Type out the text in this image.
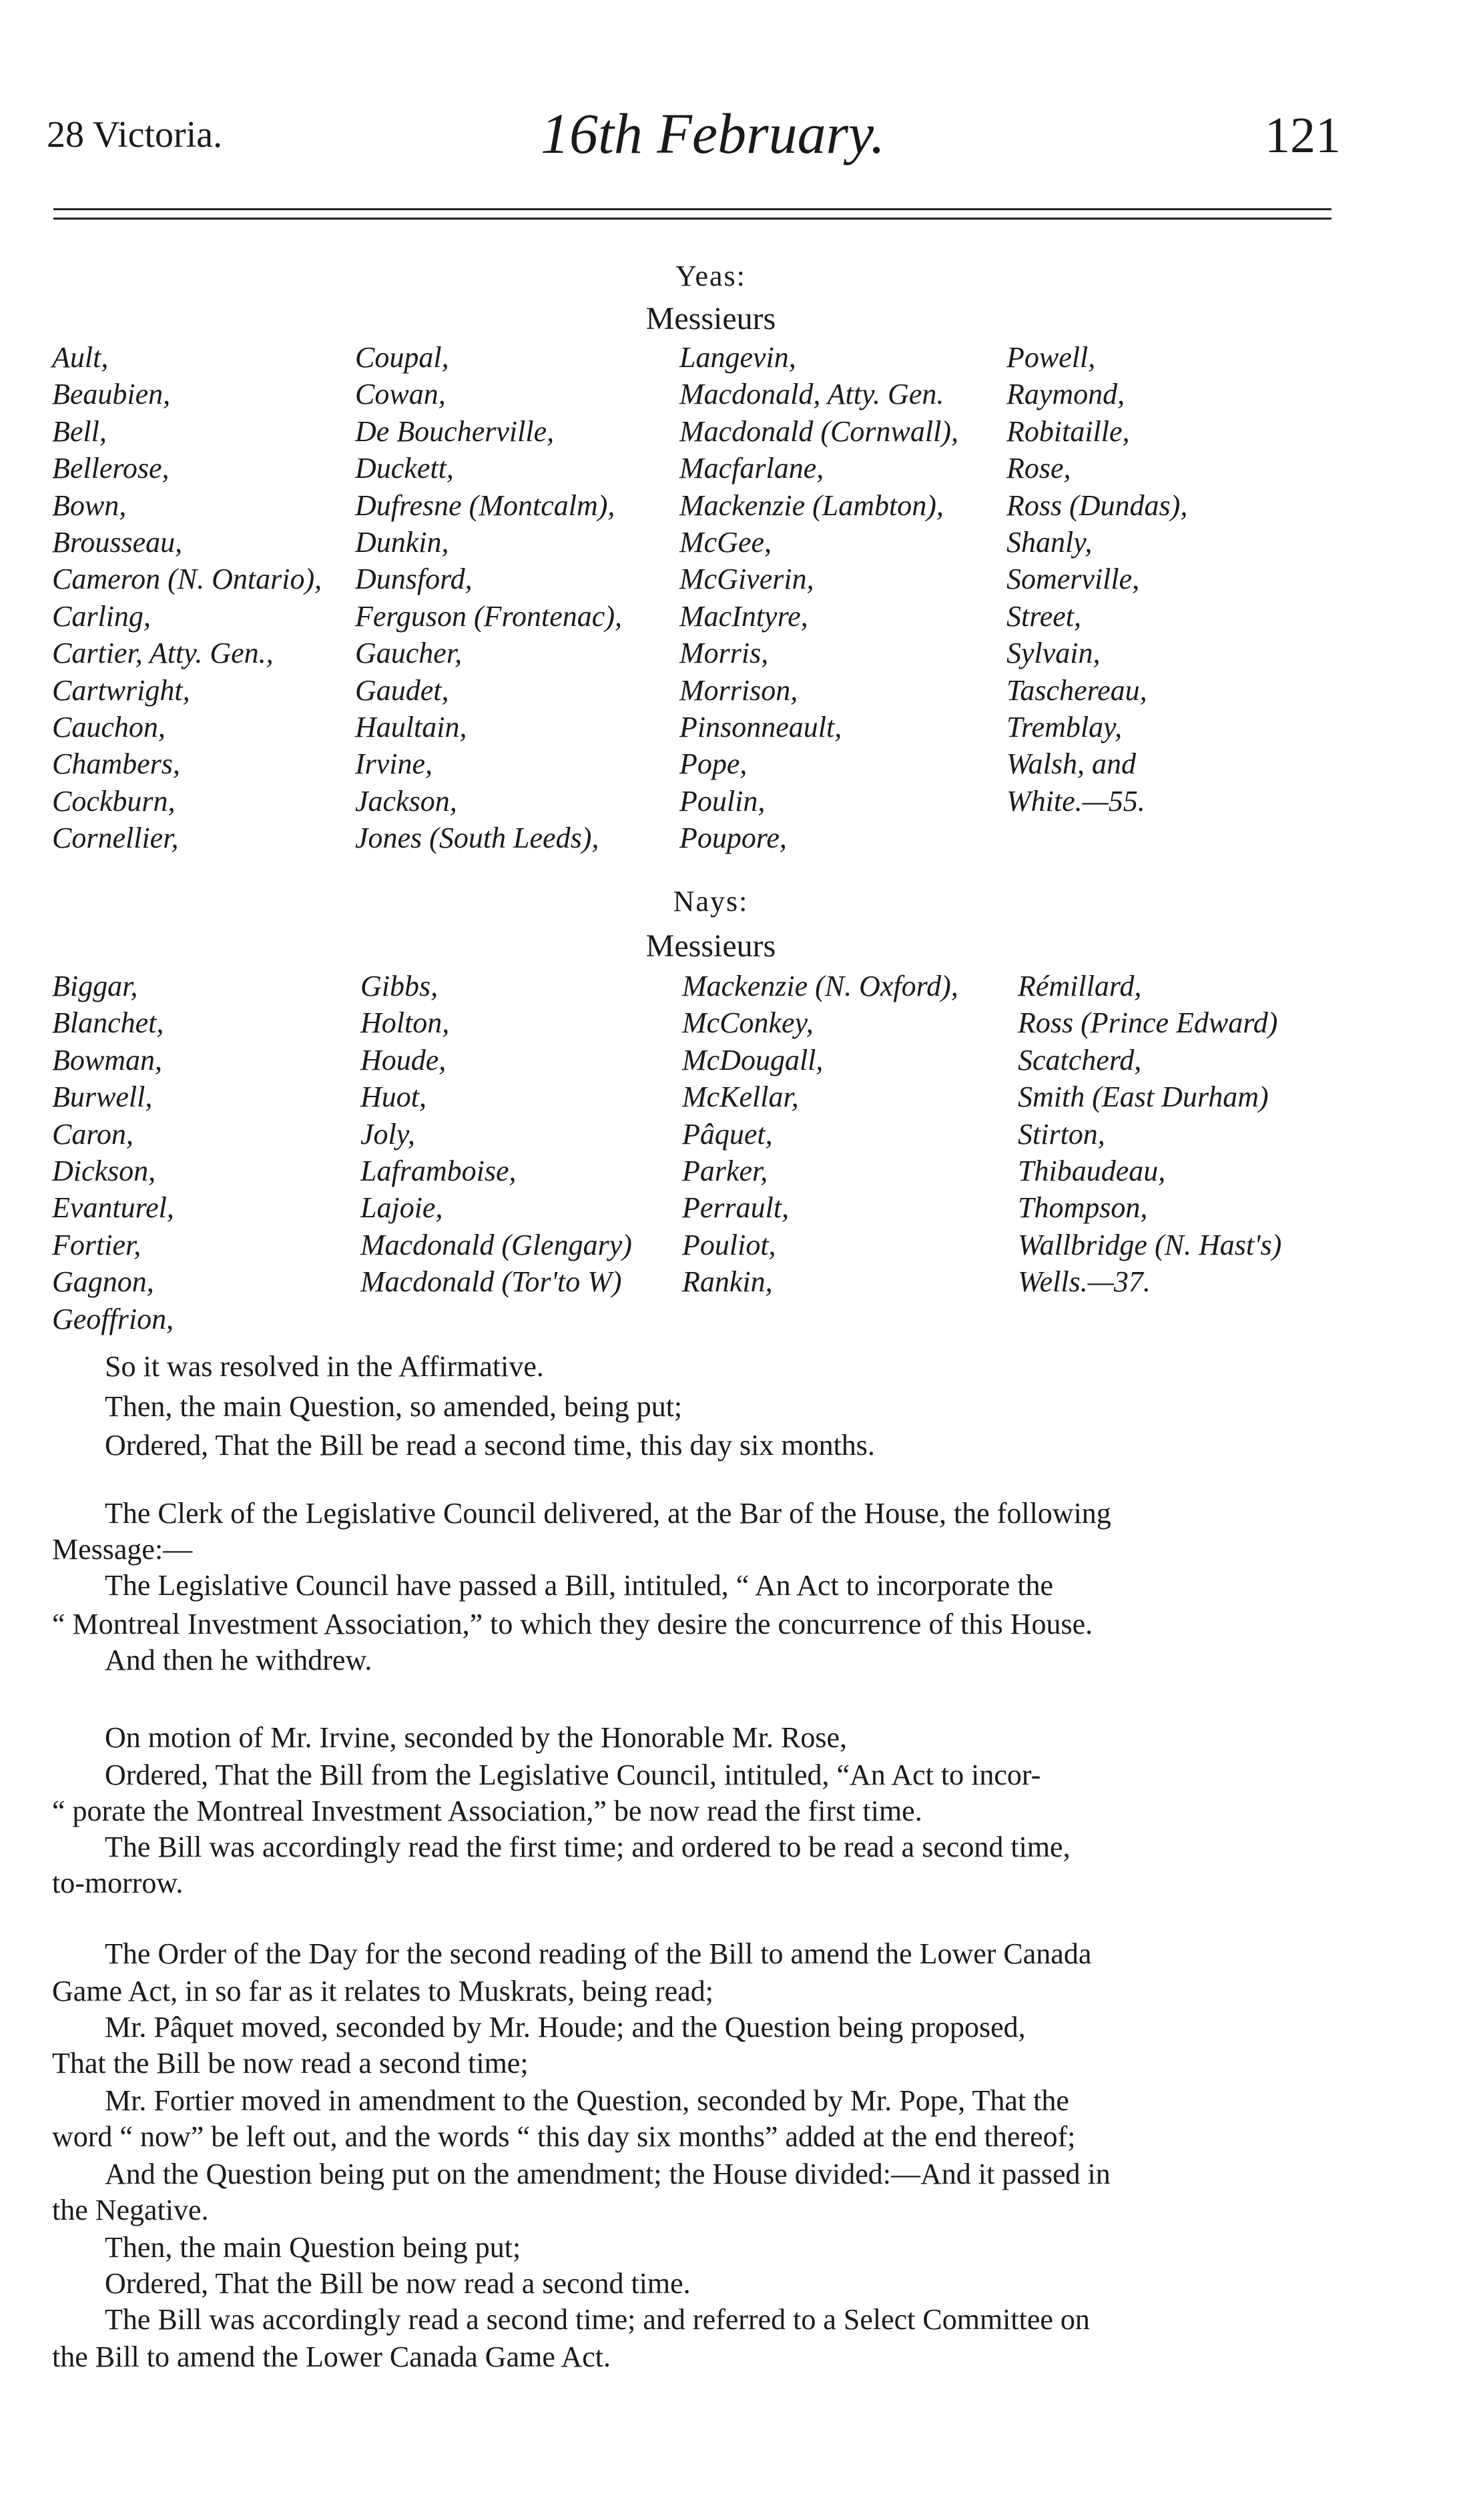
28 Victoria.	16th February.	121
Yeas:
Messieurs
Ault,
Beaubien,
Bell,
Bellerose,
Bown,
Brousseau,
Cameron (N. Ontario),
Carling,
Cartier, Atty. Gen.,
Cartwright,
Cauchon,
Chambers,
Cockburn,
Cornellier,
Coupal,
Cowan,
De Boucherville,
Duckett,
Dufresne (Montcalm),
Dunkin,
Dunsford,
Ferguson (Frontenac),
Gaucher,
Gaudet,
Haultain,
Irvine,
Jackson,
Jones (South Leeds),
Langevin,
Macdonald, Atty. Gen.
Macdonald (Cornwall),
Macfarlane,
Mackenzie (Lambton),
McGee,
McGiverin,
MacIntyre,
Morris,
Morrison,
Pinsonneault,
Pope,
Poulin,
Poupore,
Powell,
Raymond,
Robitaille,
Rose,
Ross (Dundas),
Shanly,
Somerville,
Street,
Sylvain,
Taschereau,
Tremblay,
Walsh, and
White.—55.
Nays:
Messieurs
Biggar,
Blanchet,
Bowman,
Burwell,
Caron,
Dickson,
Evanturel,
Fortier,
Gagnon,
Geoffrion,
Gibbs,
Holton,
Houde,
Huot,
Joly,
Laframboise,
Lajoie,
Macdonald (Glengary)
Macdonald (Tor'to W)
Mackenzie (N. Oxford),
McConkey,
McDougall,
McKellar,
Pâquet,
Parker,
Perrault,
Pouliot,
Rankin,
Rémillard,
Ross (Prince Edward)
Scatcherd,
Smith (East Durham)
Stirton,
Thibaudeau,
Thompson,
Wallbridge (N. Hast's)
Wells.—37.
So it was resolved in the Affirmative.
Then, the main Question, so amended, being put;
Ordered, That the Bill be read a second time, this day six months.
The Clerk of the Legislative Council delivered, at the Bar of the House, the following
Message:—
The Legislative Council have passed a Bill, intituled, “ An Act to incorporate the
“ Montreal Investment Association,” to which they desire the concurrence of this House.
And then he withdrew.
On motion of Mr. Irvine, seconded by the Honorable Mr. Rose,
Ordered, That the Bill from the Legislative Council, intituled, “An Act to incor-
“ porate the Montreal Investment Association,” be now read the first time.
The Bill was accordingly read the first time; and ordered to be read a second time,
to-morrow.
The Order of the Day for the second reading of the Bill to amend the Lower Canada
Game Act, in so far as it relates to Muskrats, being read;
Mr. Pâquet moved, seconded by Mr. Houde; and the Question being proposed,
That the Bill be now read a second time;
Mr. Fortier moved in amendment to the Question, seconded by Mr. Pope, That the
word “ now” be left out, and the words “ this day six months” added at the end thereof;
And the Question being put on the amendment; the House divided:—And it passed in
the Negative.
Then, the main Question being put;
Ordered, That the Bill be now read a second time.
The Bill was accordingly read a second time; and referred to a Select Committee on
the Bill to amend the Lower Canada Game Act.
